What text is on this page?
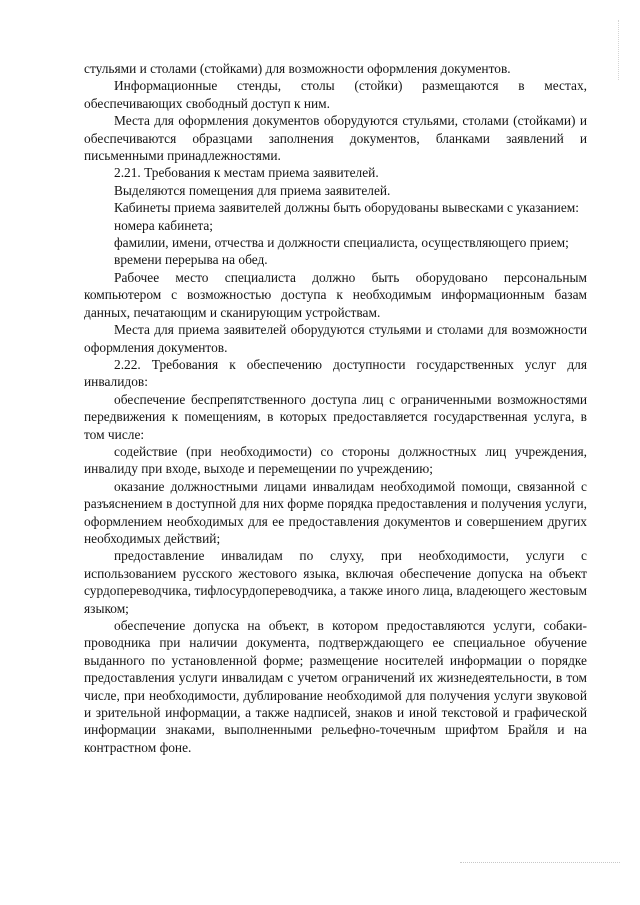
стульями и столами (стойками) для возможности оформления документов.

Информационные стенды, столы (стойки) размещаются в местах, обеспечивающих свободный доступ к ним.

Места для оформления документов оборудуются стульями, столами (стойками) и обеспечиваются образцами заполнения документов, бланками заявлений и письменными принадлежностями.

2.21. Требования к местам приема заявителей.

Выделяются помещения для приема заявителей.

Кабинеты приема заявителей должны быть оборудованы вывесками с указанием:

номера кабинета;

фамилии, имени, отчества и должности специалиста, осуществляющего прием;

времени перерыва на обед.

Рабочее место специалиста должно быть оборудовано персональным компьютером с возможностью доступа к необходимым информационным базам данных, печатающим и сканирующим устройствам.

Места для приема заявителей оборудуются стульями и столами для возможности оформления документов.

2.22. Требования к обеспечению доступности государственных услуг для инвалидов:

обеспечение беспрепятственного доступа лиц с ограниченными возможностями передвижения к помещениям, в которых предоставляется государственная услуга, в том числе:

содействие (при необходимости) со стороны должностных лиц учреждения, инвалиду при входе, выходе и перемещении по учреждению;

оказание должностными лицами инвалидам необходимой помощи, связанной с разъяснением в доступной для них форме порядка предоставления и получения услуги, оформлением необходимых для ее предоставления документов и совершением других необходимых действий;

предоставление инвалидам по слуху, при необходимости, услуги с использованием русского жестового языка, включая обеспечение допуска на объект сурдопереводчика, тифлосурдопереводчика, а также иного лица, владеющего жестовым языком;

обеспечение допуска на объект, в котором предоставляются услуги, собаки-проводника при наличии документа, подтверждающего ее специальное обучение выданного по установленной форме; размещение носителей информации о порядке предоставления услуги инвалидам с учетом ограничений их жизнедеятельности, в том числе, при необходимости, дублирование необходимой для получения услуги звуковой и зрительной информации, а также надписей, знаков и иной текстовой и графической информации знаками, выполненными рельефно-точечным шрифтом Брайля и на контрастном фоне.
